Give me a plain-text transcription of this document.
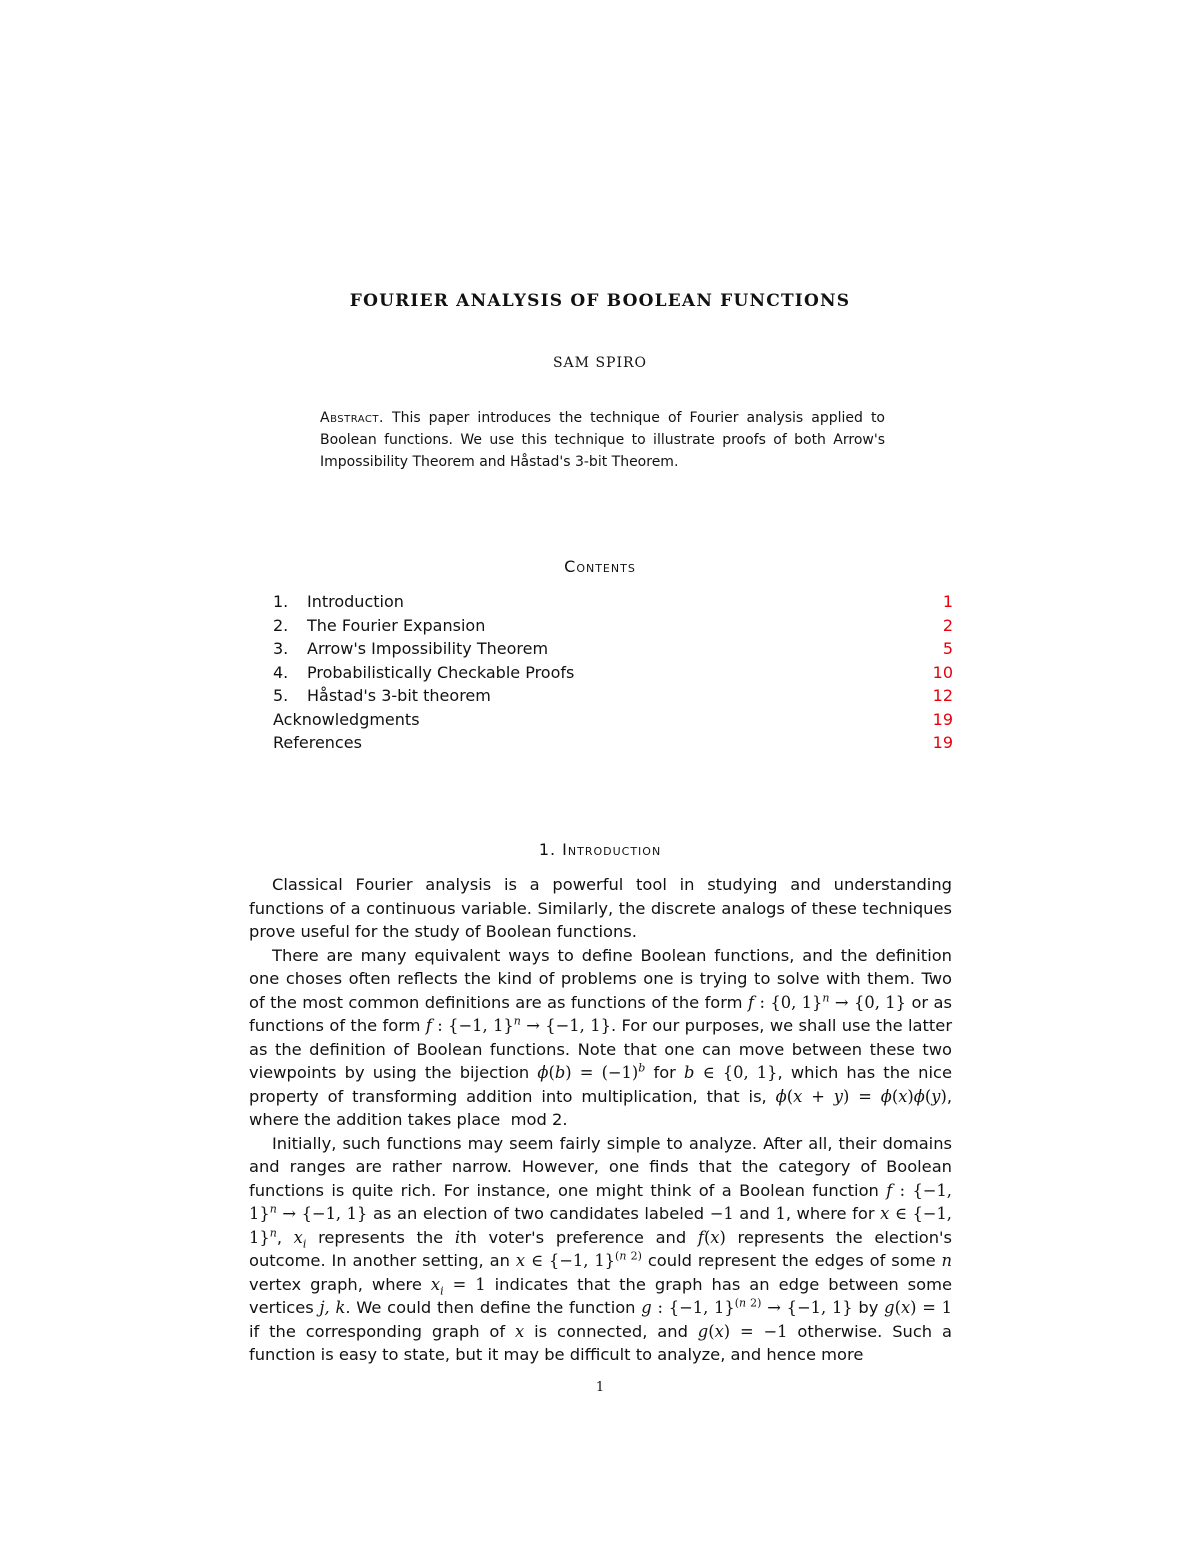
FOURIER ANALYSIS OF BOOLEAN FUNCTIONS
SAM SPIRO
Abstract. This paper introduces the technique of Fourier analysis applied to Boolean functions. We use this technique to illustrate proofs of both Arrow's Impossibility Theorem and Håstad's 3-bit Theorem.
Contents
1.	Introduction	1
2.	The Fourier Expansion	2
3.	Arrow's Impossibility Theorem	5
4.	Probabilistically Checkable Proofs	10
5.	Håstad's 3-bit theorem	12
Acknowledgments	19
References	19
1. Introduction

Classical Fourier analysis is a powerful tool in studying and understanding functions of a continuous variable. Similarly, the discrete analogs of these techniques prove useful for the study of Boolean functions.

There are many equivalent ways to define Boolean functions, and the definition one choses often reflects the kind of problems one is trying to solve with them. Two of the most common definitions are as functions of the form f : {0, 1}$^n$ → {0, 1} or as functions of the form f : {−1, 1}$^n$ → {−1, 1}. For our purposes, we shall use the latter as the definition of Boolean functions. Note that one can move between these two viewpoints by using the bijection $\phi(b) = (-1)^b$ for b ∈ {0, 1}, which has the nice property of transforming addition into multiplication, that is, ϕ(x + y) = ϕ(x)ϕ(y), where the addition takes place  mod 2.

Initially, such functions may seem fairly simple to analyze. After all, their domains and ranges are rather narrow. However, one finds that the category of Boolean functions is quite rich. For instance, one might think of a Boolean function f : {−1, 1}$^n$ → {−1, 1} as an election of two candidates labeled −1 and 1, where for x ∈ {−1, 1}$^n$, $x_i$ represents the ith voter's preference and f(x) represents the election's outcome. In another setting, an x ∈ {−1, 1}$^{(n 2)}$ could represent the edges of some n vertex graph, where $x_i = 1$ indicates that the graph has an edge between some vertices j, k. We could then define the function g : {−1, 1}$^{(n 2)}$ → {−1, 1} by g(x) = 1 if the corresponding graph of x is connected, and g(x) = −1 otherwise. Such a function is easy to state, but it may be difficult to analyze, and hence more

1
